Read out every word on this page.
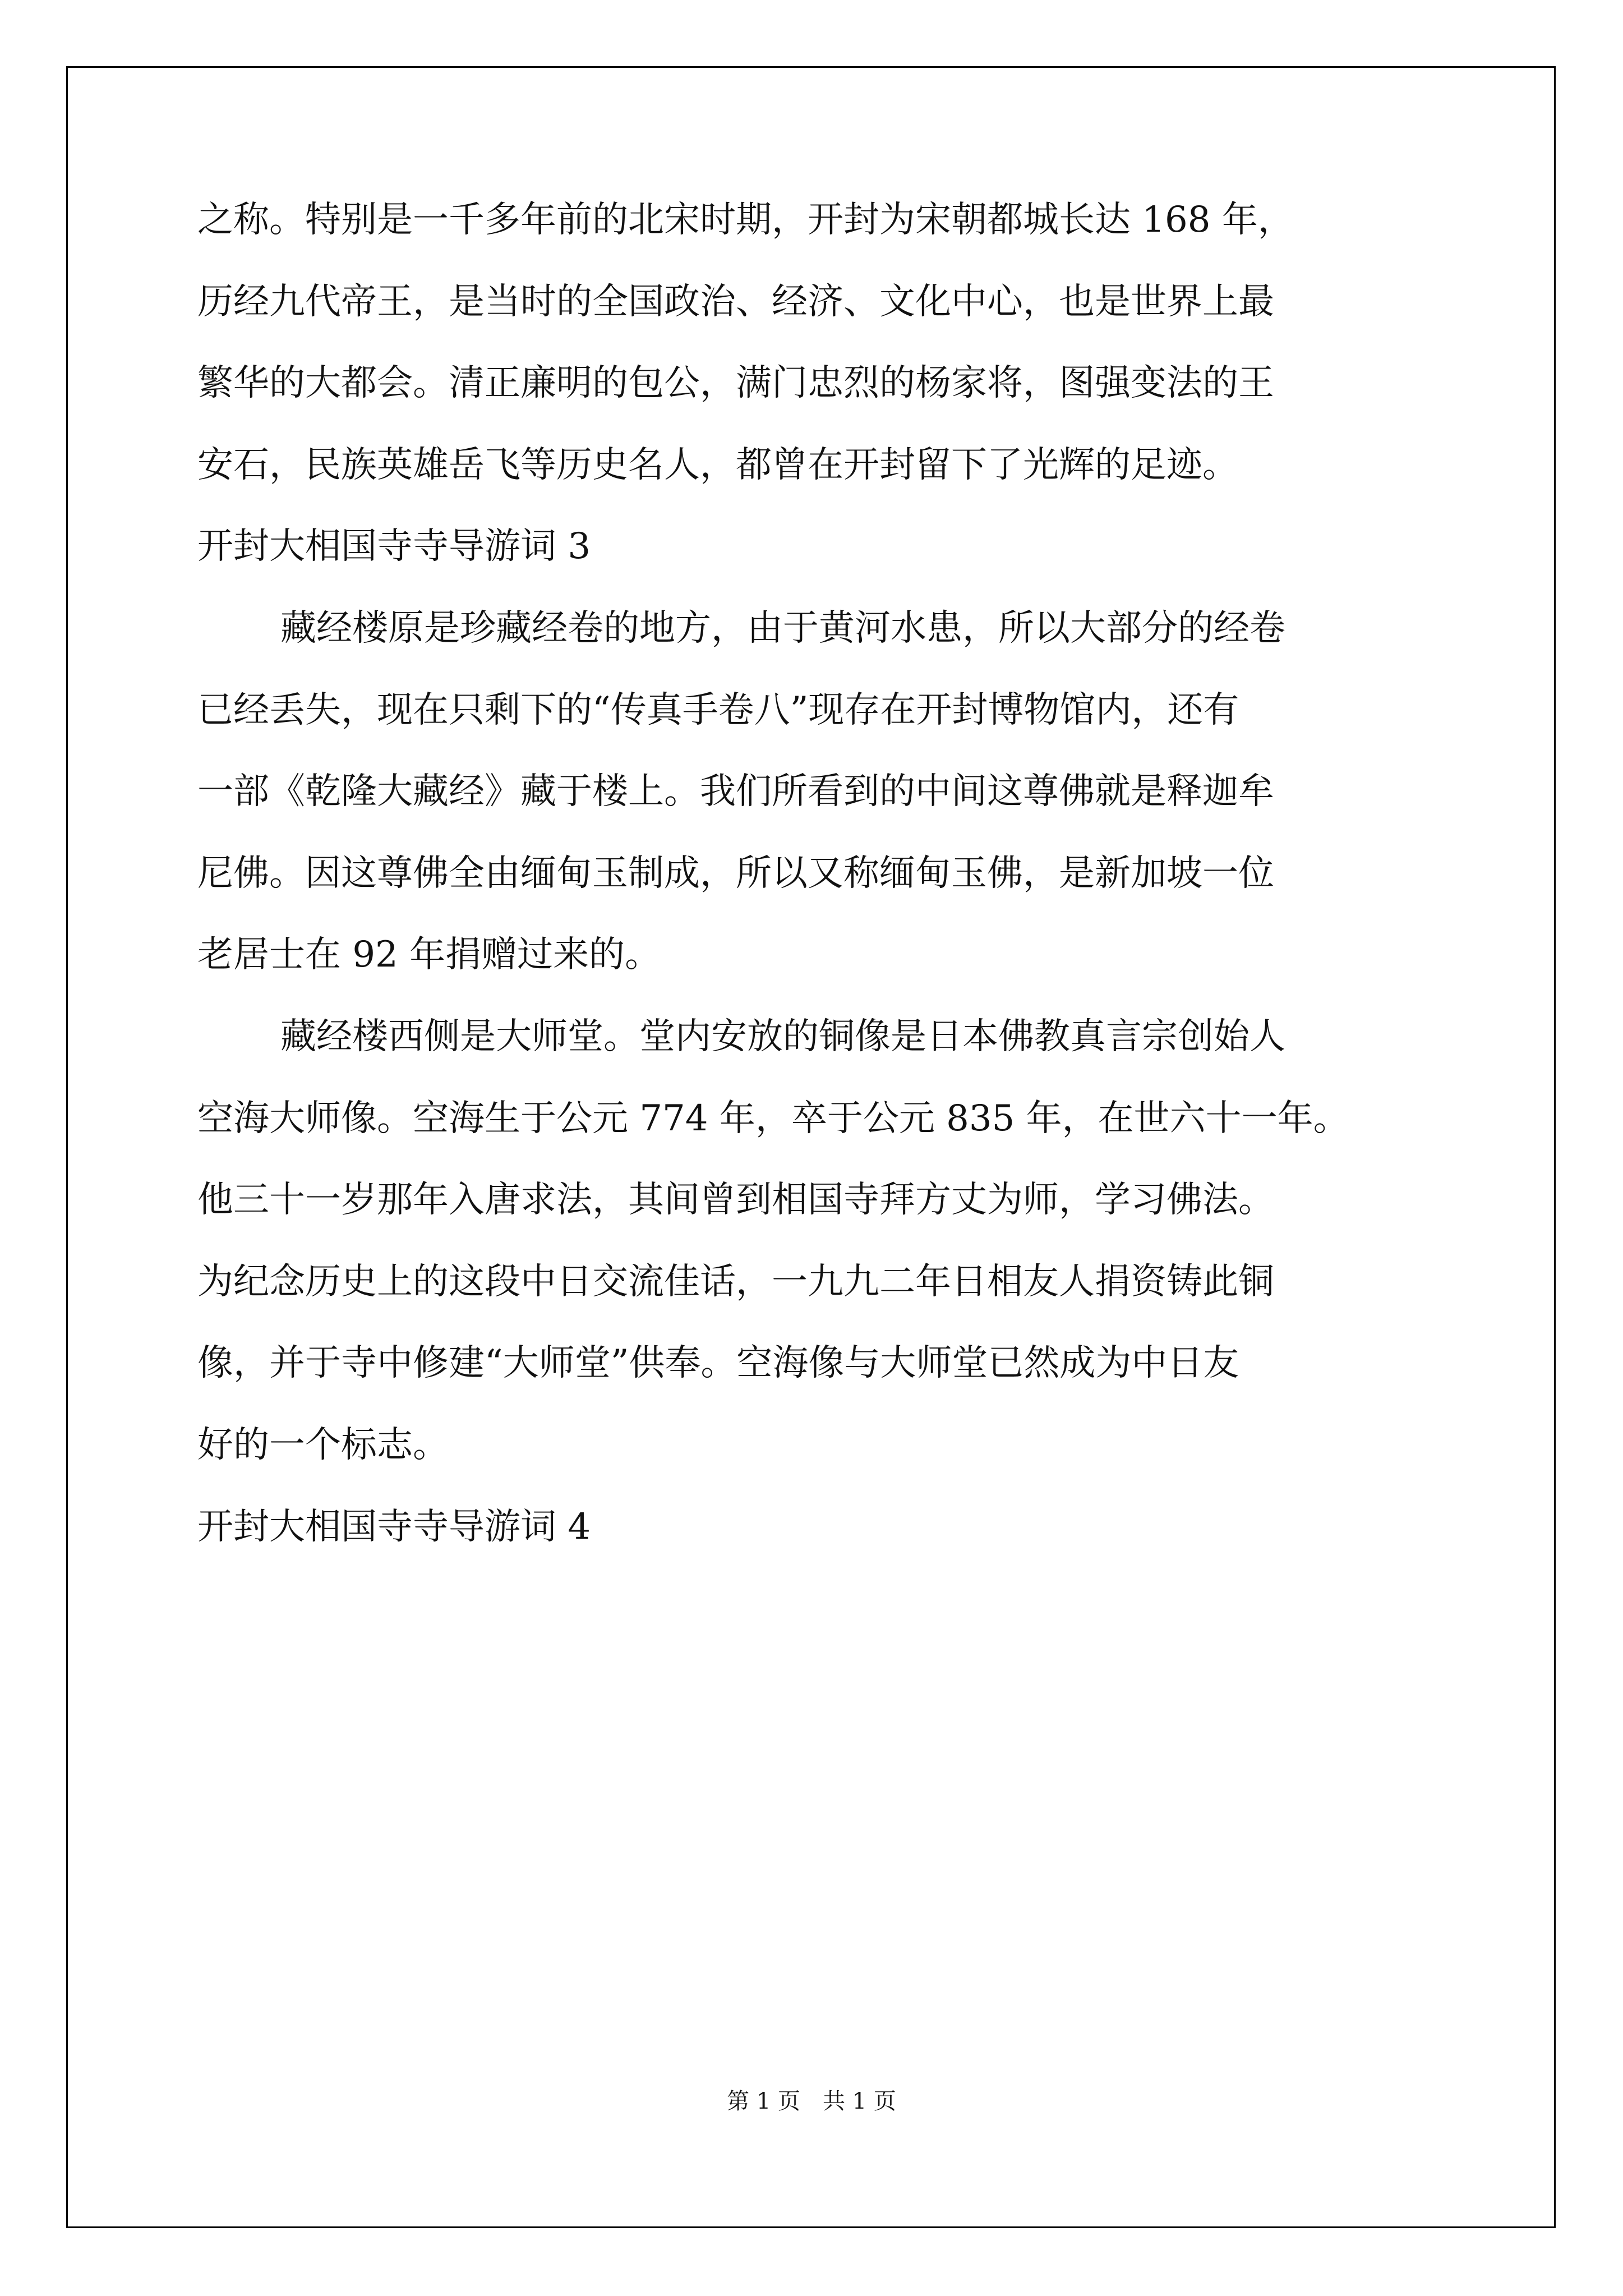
之称。特别是一千多年前的北宋时期，开封为宋朝都城长达 168 年，
历经九代帝王，是当时的全国政治、经济、文化中心，也是世界上最
繁华的大都会。清正廉明的包公，满门忠烈的杨家将，图强变法的王
安石，民族英雄岳飞等历史名人，都曾在开封留下了光辉的足迹。
开封大相国寺寺导游词 3
藏经楼原是珍藏经卷的地方，由于黄河水患，所以大部分的经卷
已经丢失，现在只剩下的“传真手卷八”现存在开封博物馆内，还有
一部《乾隆大藏经》藏于楼上。我们所看到的中间这尊佛就是释迦牟
尼佛。因这尊佛全由缅甸玉制成，所以又称缅甸玉佛，是新加坡一位
老居士在 92 年捐赠过来的。
藏经楼西侧是大师堂。堂内安放的铜像是日本佛教真言宗创始人
空海大师像。空海生于公元 774 年，卒于公元 835 年，在世六十一年。
他三十一岁那年入唐求法，其间曾到相国寺拜方丈为师，学习佛法。
为纪念历史上的这段中日交流佳话，一九九二年日相友人捐资铸此铜
像，并于寺中修建“大师堂”供奉。空海像与大师堂已然成为中日友
好的一个标志。
开封大相国寺寺导游词 4
第 1 页　共 1 页
